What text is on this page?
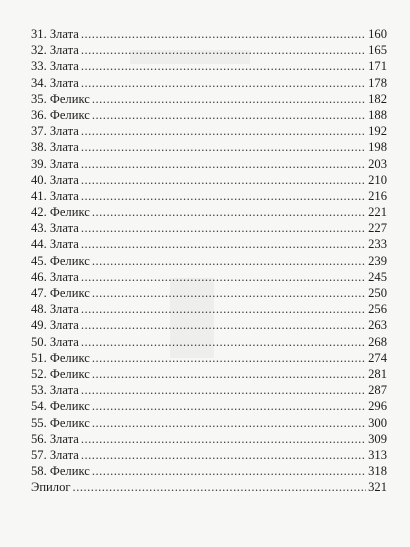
31. Злата .....	160
32. Злата .....	165
33. Злата .....	171
34. Злата .....	178
35. Феликс .....	182
36. Феликс .....	188
37. Злата .....	192
38. Злата .....	198
39. Злата .....	203
40. Злата .....	210
41. Злата .....	216
42. Феликс .....	221
43. Злата .....	227
44. Злата .....	233
45. Феликс .....	239
46. Злата .....	245
47. Феликс .....	250
48. Злата .....	256
49. Злата .....	263
50. Злата .....	268
51. Феликс .....	274
52. Феликс .....	281
53. Злата .....	287
54. Феликс .....	296
55. Феликс .....	300
56. Злата .....	309
57. Злата .....	313
58. Феликс .....	318
Эпилог .....	321
